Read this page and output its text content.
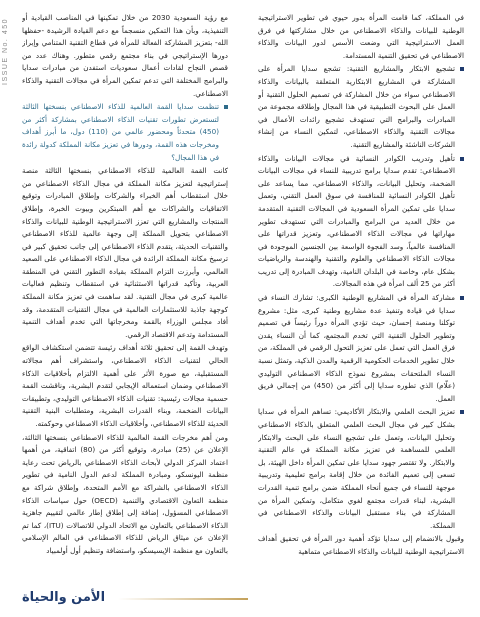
ISSUE No. 450

في المملكة، كما قامت المرأة بدور حيوي في تطوير الاستراتيجية الوطنية للبيانات والذكاء الاصطناعي من خلال مشاركتها في فرق العمل الاستراتيجية التي وضعت الأسس لدور البيانات والذكاء الاصطناعي في تحقيق التنمية المستدامة.

تشجيع الابتكار والمشاريع التقنية: تشجع سدايا المرأة على المشاركة في المشاريع الابتكارية المتعلقة بالبيانات والذكاء الاصطناعي سواء من خلال المشاركة في تصميم الحلول التقنية أو العمل على البحوث التطبيقية في هذا المجال وإطلاقه مجموعة من المبادرات والبرامج التي تستهدف تشجيع رائدات الأعمال في مجالات التقنية والذكاء الاصطناعي، لتمكين النساء من إنشاء الشركات الناشئة والمشاريع التقنية.
تأهيل وتدريب الكوادر النسائية في مجالات البيانات والذكاء الاصطناعي: تقدم سدايا برامج تدريبية للنساء في مجالات البيانات الضخمة، وتحليل البيانات، والذكاء الاصطناعي، مما يساعد على تأهيل الكوادر النسائية للمنافسة في سوق العمل التقني، وتعمل سدايا على تمكين المرأة السعودية في المجالات التقنية المتقدمة من خلال العديد من البرامج والمبادرات التي تستهدف تطوير مهاراتها في مجالات الذكاء الاصطناعي، وتعزيز قدراتها على المنافسة عالمياً، وسد الفجوة الواسعة بين الجنسين الموجودة في مجالات الذكاء الاصطناعي والعلوم والتقنية والهندسة والرياضيات بشكل عام، وخاصة في البلدان النامية، وتهدف المبادرة إلى تدريب أكثر من 25 ألف امرأة في هذه المجالات.
مشاركة المرأة في المشاريع الوطنية الكبرى: تشارك النساء في سدايا في قيادة وتنفيذ عدة مشاريع وطنية كبرى، مثل: مشروع توكلنا ومنصة إحسان، حيث تؤدي المرأة دوراً رئيساً في تصميم وتطوير الحلول التقنية التي تخدم المجتمع، كما أن النساء يقدن فرق العمل التي تعمل على تعزيز التحول الرقمي في المملكة، من خلال تطوير الخدمات الحكومية الرقمية والمدن الذكية، وتمثل نسبة النساء الملتحقات بمشروع نموذج الذكاء الاصطناعي التوليدي (علّام) الذي تطوره سدايا إلى أكثر من (450) من إجمالي فريق العمل.
تعزيز البحث العلمي والابتكار الأكاديمي: تساهم المرأة في سدايا بشكل كبير في مجال البحث العلمي المتعلق بالذكاء الاصطناعي وتحليل البيانات، وتعمل على تشجيع النساء على البحث والابتكار العلمي للمساهمة في تعزيز مكانة المملكة في عالم التقنية والابتكار. ولا تقتصر جهود سدايا على تمكين المرأة داخل الهيئة، بل تسعى إلى تعميم الفائدة من خلال إقامة برامج تعليمية وتدريبية موجهة للنساء في جميع أنحاء المملكة ضمن برامج تنمية القدرات البشرية، لبناء قدرات مجتمع لغوي متكامل، وتمكين المرأة من المشاركة في بناء مستقبل البيانات والذكاء الاصطناعي في المملكة.

وقبول بالانضمام إلى سدايا تؤكد أهمية دور المرأة في تحقيق أهداف الاستراتيجية الوطنية للبيانات والذكاء الاصطناعي متماهية

مع رؤية السعودية 2030 من خلال تمكينها في المناصب القيادية أو التنفيذية، وبأن هذا التمكين منسجماً مع دعم القيادة الرشيدة -حفظها الله- بتعزيز المشاركة الفعالة للمرأة في قطاع التقنية المتنامي وإبراز دورها الإستراتيجي في بناء مجتمع رقمي متطور. وهناك عدد من قصص النجاح لقادات أعمال سعوديات استفدن من مبادرات سدايا والبرامج المختلفة التي تدعم تمكين المرأة في مجالات التقنية والذكاء الاصطناعي.

تنظمت سدايا القمة العالمية للذكاء الاصطناعي بنسختها الثالثة لتستعرض تطورات تقنيات الذكاء الاصطناعي بمشاركة أكثر من (450) متحدثاً ومحضور عالمي من (110) دول، ما أبرز أهداف ومخرجات هذه القمة، ودورها في تعزيز مكانة المملكة كدولة رائدة في هذا المجال؟

كانت القمة العالمية للذكاء الاصطناعي بنسختها الثالثة منصة إستراتيجية لتعزيز مكانة المملكة في مجال الذكاء الاصطناعي من خلال استقطاب أهم الخبراء والشركات وإطلاق المبادرات وتوقيع الاتفاقيات والشراكات مع أهم المبتكرين وبيوت الخبرة، وإطلاق المنتجات والمشاريع التي تعزز الاستراتيجية الوطنية للبيانات والذكاء الاصطناعي بتحويل المملكة إلى وجهة عالمية للذكاء الاصطناعي والتقنيات الحديثة، يتقدم الذكاء الاصطناعي إلى جانب تحقيق كبير في ترسيخ مكانة المملكة الرائدة في مجال الذكاء الاصطناعي على الصعيد العالمي، وأبرزت التزام المملكة بقيادة التطور التقني في المنطقة العربية، وتأكيد قدراتها الاستثنائية في استقطاب وتنظيم فعاليات عالمية كبرى في مجال التقنية. لقد ساهمت في تعزيز مكانة المملكة كوجهة جاذبة للاستثمارات العالمية في مجال التقنيات المتقدمة، وقد أفاد مجلس الوزراء بالقمة ومخرجاتها التي تخدم أهداف التنمية المستدامة وتدعم الاقتصاد الرقمي.

وتهدف القمة إلى تحقيق ثلاثة أهداف رئيسة تتضمن استكشاف الواقع الحالي لتقنيات الذكاء الاصطناعي، واستشراف أهم مجالاته المستقبلية، مع صورة الأثر على أهمية الالتزام بأخلاقيات الذكاء الاصطناعي وضمان استعماله الإيجابي لتقدم البشرية، وناقشت القمة حسمية مجالات رئيسية: تقنيات الذكاء الاصطناعي التوليدي، وتطبيقات البيانات الضخمة، وبناء القدرات البشرية، ومتطلبات البنية التقنية الحديثة للذكاء الاصطناعي، وأخلاقيات الذكاء الاصطناعي وحوكمته.

ومن أهم مخرجات القمة العالمية للذكاء الاصطناعي بنسختها الثالثة، الإعلان عن (25) مبادرة، وتوقيع أكثر من (80) اتفاقية، من أهمها اعتماد المركز الدولي لأبحاث الذكاء الاصطناعي بالرياض تحت رعاية منظمة اليونسكو، ومبادرة المملكة لدعم الدول النامية في تطوير الذكاء الاصطناعي بالشراكة مع الأمم المتحدة، وإطلاق شراكة مع منظمة التعاون الاقتصادي والتنمية (OECD) حول سياسات الذكاء الاصطناعي المسؤول، إضافة إلى إطلاق إطار عالمي لتقييم جاهزية الذكاء الاصطناعي بالتعاون مع الاتحاد الدولي للاتصالات (ITU)، كما تم الإعلان عن ميثاق الرياض للذكاء الاصطناعي في العالم الإسلامي بالتعاون مع منظمة الإيسيسكو، واستضافة وتنظيم أول أولمبياد

الأمن والحياة
